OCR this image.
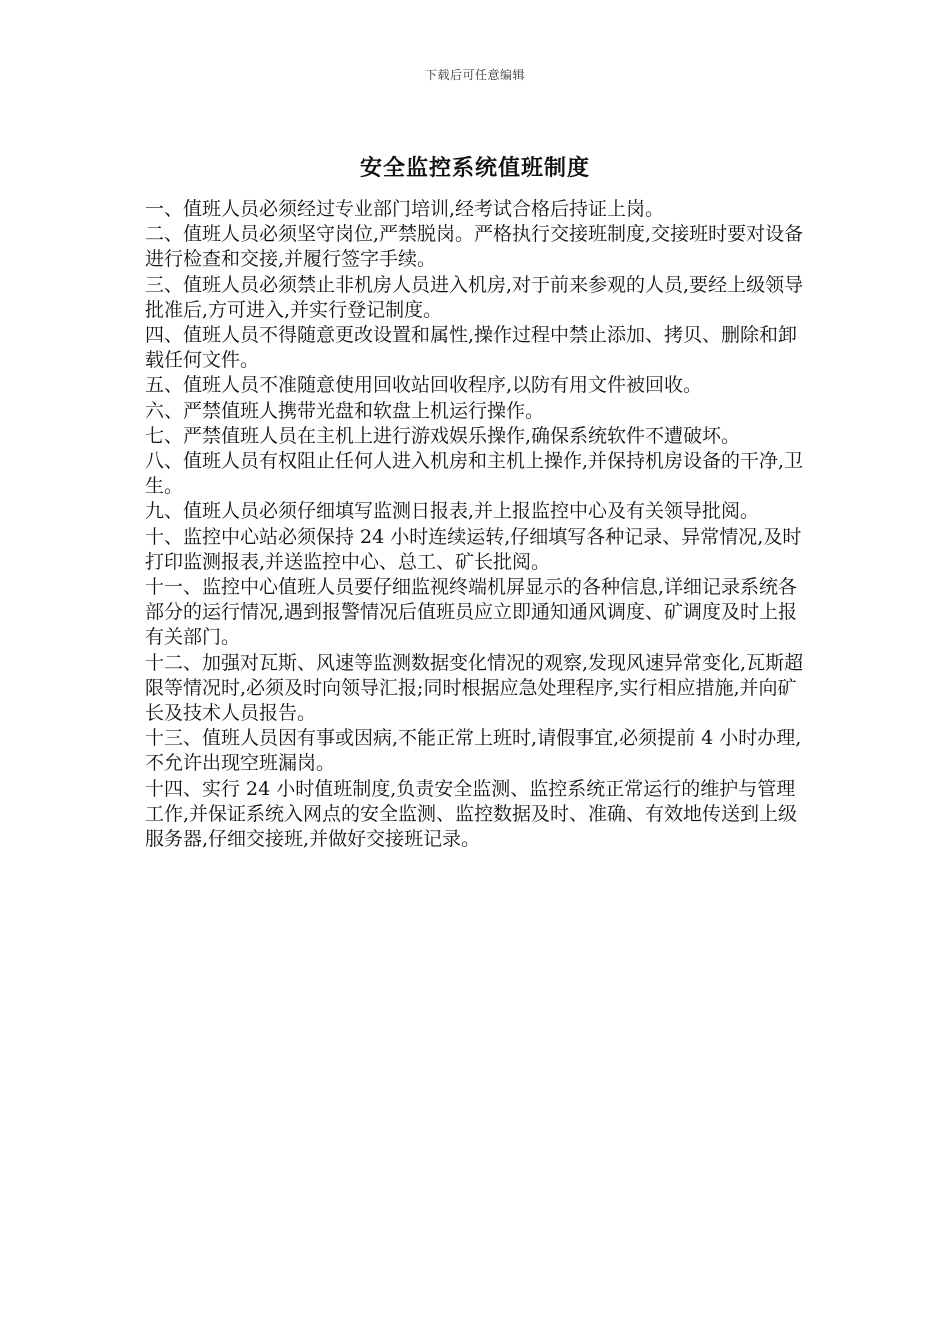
下载后可任意编辑
安全监控系统值班制度
一、值班人员必须经过专业部门培训,经考试合格后持证上岗。
二、值班人员必须坚守岗位,严禁脱岗。严格执行交接班制度,交接班时要对设备进行检查和交接,并履行签字手续。
三、值班人员必须禁止非机房人员进入机房,对于前来参观的人员,要经上级领导批准后,方可进入,并实行登记制度。
四、值班人员不得随意更改设置和属性,操作过程中禁止添加、拷贝、删除和卸载任何文件。
五、值班人员不准随意使用回收站回收程序,以防有用文件被回收。
六、严禁值班人携带光盘和软盘上机运行操作。
七、严禁值班人员在主机上进行游戏娱乐操作,确保系统软件不遭破坏。
八、值班人员有权阻止任何人进入机房和主机上操作,并保持机房设备的干净,卫生。
九、值班人员必须仔细填写监测日报表,并上报监控中心及有关领导批阅。
十、监控中心站必须保持 24 小时连续运转,仔细填写各种记录、异常情况,及时打印监测报表,并送监控中心、总工、矿长批阅。
十一、监控中心值班人员要仔细监视终端机屏显示的各种信息,详细记录系统各部分的运行情况,遇到报警情况后值班员应立即通知通风调度、矿调度及时上报有关部门。
十二、加强对瓦斯、风速等监测数据变化情况的观察,发现风速异常变化,瓦斯超限等情况时,必须及时向领导汇报;同时根据应急处理程序,实行相应措施,并向矿长及技术人员报告。
十三、值班人员因有事或因病,不能正常上班时,请假事宜,必须提前 4 小时办理,不允许出现空班漏岗。
十四、实行 24 小时值班制度,负责安全监测、监控系统正常运行的维护与管理工作,并保证系统入网点的安全监测、监控数据及时、准确、有效地传送到上级服务器,仔细交接班,并做好交接班记录。
